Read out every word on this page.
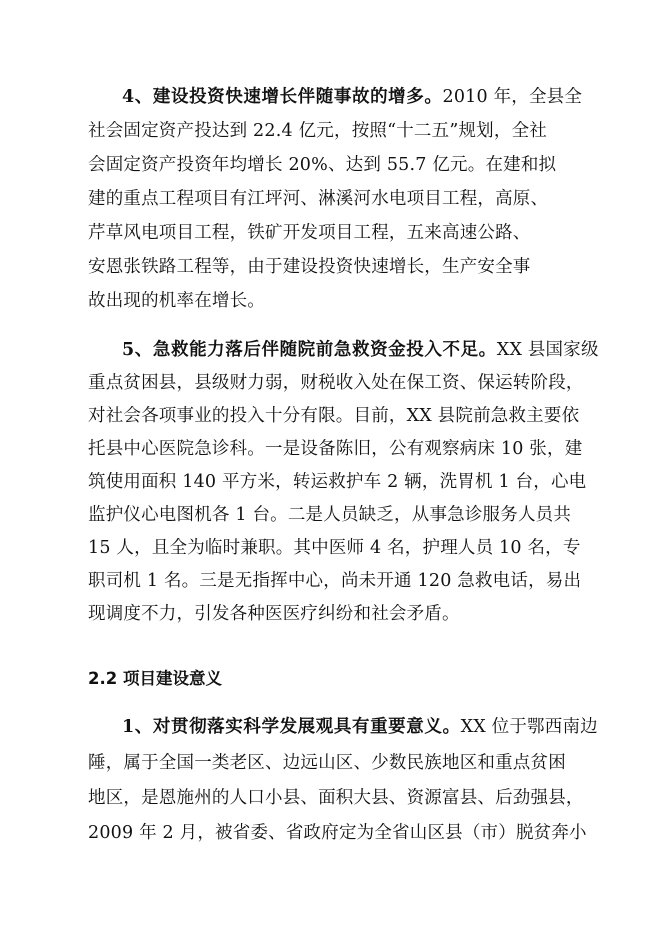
4、建设投资快速增长伴随事故的增多。2010 年，全县全
社会固定资产投达到 22.4 亿元，按照“十二五”规划，全社
会固定资产投资年均增长 20%、达到 55.7 亿元。在建和拟
建的重点工程项目有江坪河、淋溪河水电项目工程，高原、
芹草风电项目工程，铁矿开发项目工程，五来高速公路、
安恩张铁路工程等，由于建设投资快速增长，生产安全事
故出现的机率在增长。
5、急救能力落后伴随院前急救资金投入不足。XX 县国家级
重点贫困县，县级财力弱，财税收入处在保工资、保运转阶段，
对社会各项事业的投入十分有限。目前，XX 县院前急救主要依
托县中心医院急诊科。一是设备陈旧，公有观察病床 10 张，建
筑使用面积 140 平方米，转运救护车 2 辆，洗胃机 1 台，心电
监护仪心电图机各 1 台。二是人员缺乏，从事急诊服务人员共
15 人，且全为临时兼职。其中医师 4 名，护理人员 10 名，专
职司机 1 名。三是无指挥中心，尚未开通 120 急救电话，易出
现调度不力，引发各种医医疗纠纷和社会矛盾。
2.2 项目建设意义
1、对贯彻落实科学发展观具有重要意义。XX 位于鄂西南边
陲，属于全国一类老区、边远山区、少数民族地区和重点贫困
地区，是恩施州的人口小县、面积大县、资源富县、后劲强县，
2009 年 2 月，被省委、省政府定为全省山区县（市）脱贫奔小
